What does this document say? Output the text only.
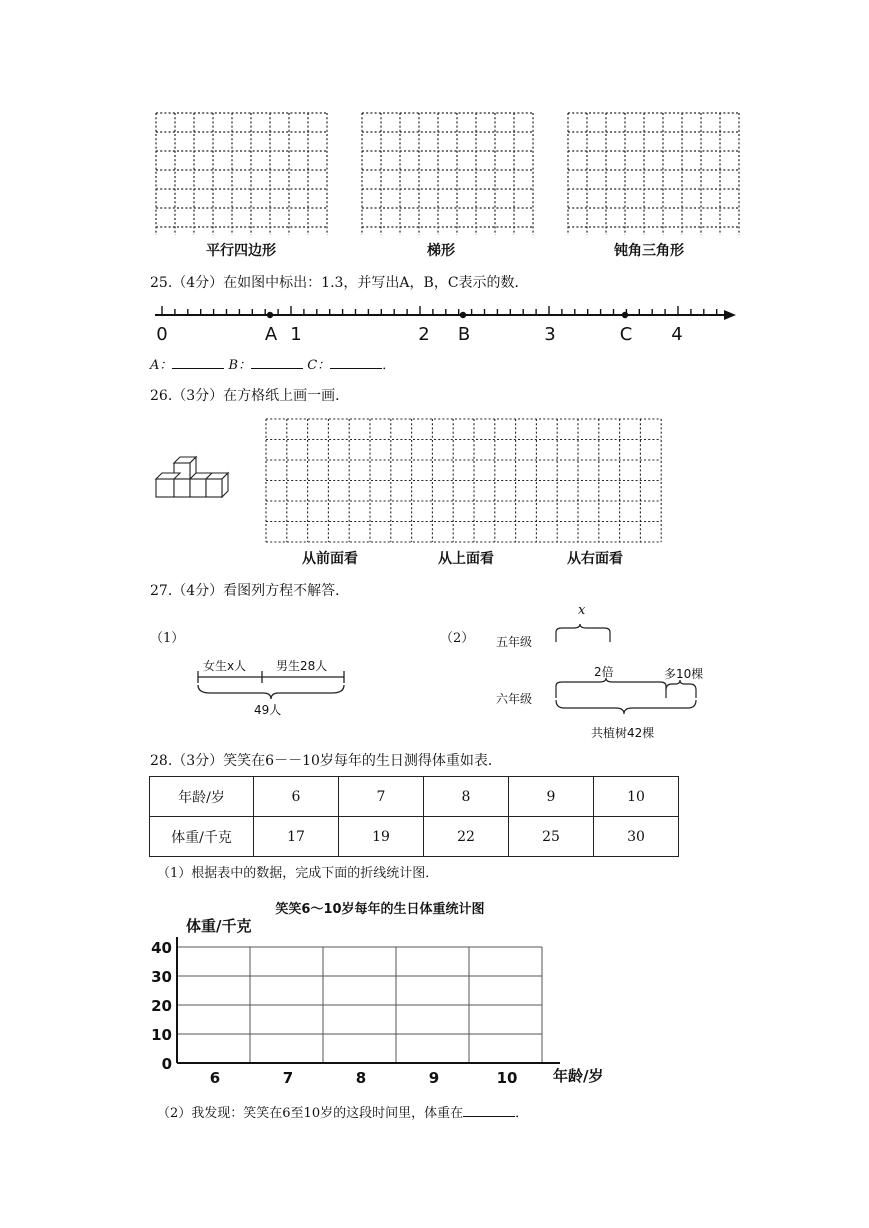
平行四边形	梯形	钝角三角形
25.（4分）在如图中标出：1.3，并写出A，B，C表示的数．
0	1	2	3	4
A	B	C
A：	B：	C：	．
26.（3分）在方格纸上画一画．
从前面看	从上面看	从右面看
27.（4分）看图列方程不解答．
（1）
女生x人 男生28人
49人
（2） 五年级
x
六年级
2倍	多10棵
共植树42棵
28.（3分）笑笑在6－－10岁每年的生日测得体重如表．
年龄/岁	6	7	8	9	10
体重/千克	17	19	22	25	30
（1）根据表中的数据，完成下面的折线统计图．
笑笑6～10岁每年的生日体重统计图
体重/千克
年龄/岁
0
10
20
30
40
6	7	8	9	10
（2）我发现：笑笑在6至10岁的这段时间里，体重在	．
